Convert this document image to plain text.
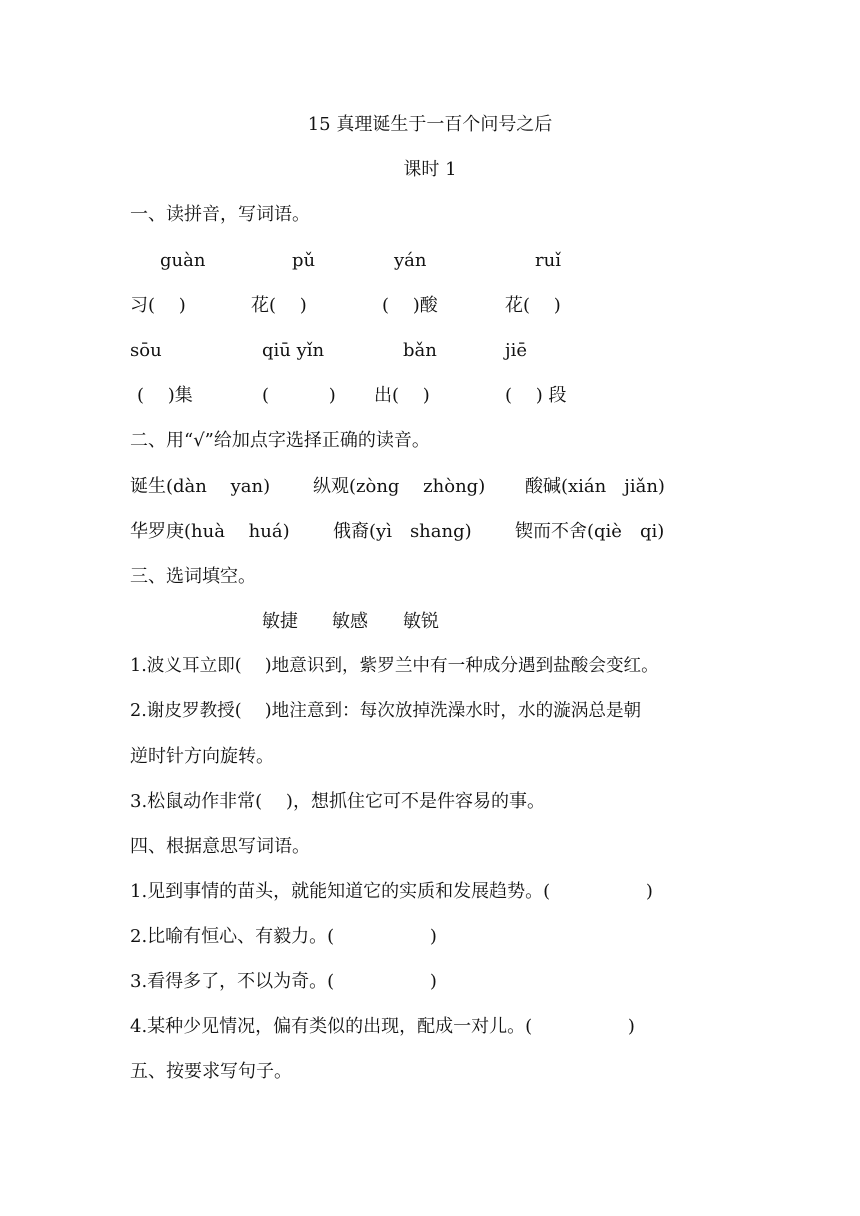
15 真理诞生于一百个问号之后
课时 1
一、读拼音，写词语。
guàn	pǔ	yán	ruǐ
习(　 )	花(　 )	(　 )酸	花(　 )
sōu	qiū yǐn	bǎn	jiē
(　 )集	(　　　 ) 出(　 )	(　 ) 段
二、用“√”给加点字选择正确的读音。
诞生(dàn　 yan) 纵观(zòng　 zhòng) 酸碱(xián　jiǎn)
华罗庚(huà　 huá) 俄裔(yì　shang) 锲而不舍(qiè　qi)
三、选词填空。
敏捷 敏感 敏锐
1.波义耳立即(　 )地意识到，紫罗兰中有一种成分遇到盐酸会变红。
2.谢皮罗教授(　 )地注意到：每次放掉洗澡水时，水的漩涡总是朝
逆时针方向旋转。
3.松鼠动作非常(　 )，想抓住它可不是件容易的事。
四、根据意思写词语。
1.见到事情的苗头，就能知道它的实质和发展趋势。(　　　　　 )
2.比喻有恒心、有毅力。(　　　　　 )
3.看得多了，不以为奇。(　　　　　 )
4.某种少见情况，偏有类似的出现，配成一对儿。(　　　　　 )
五、按要求写句子。
